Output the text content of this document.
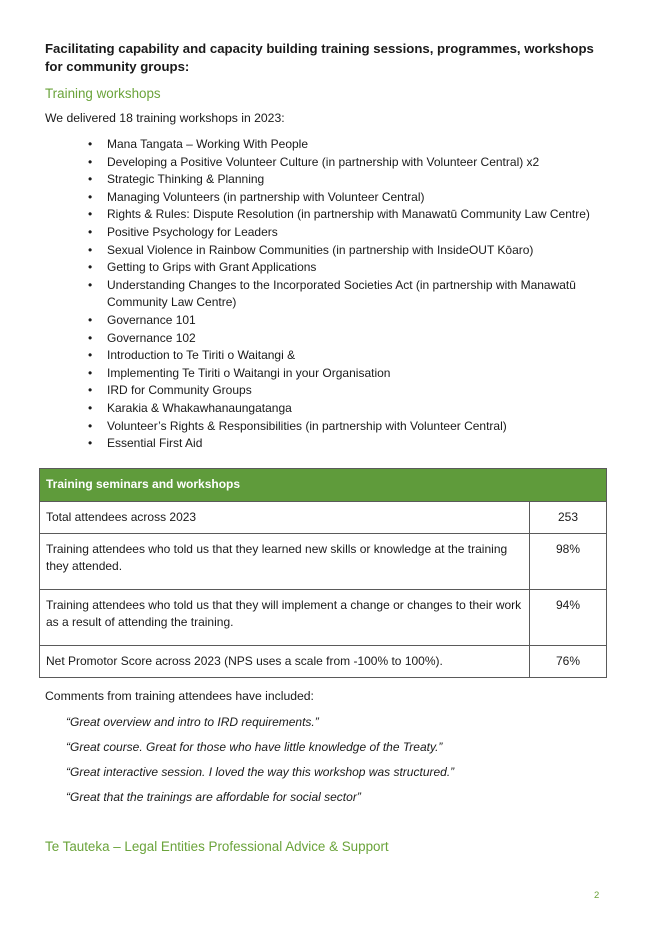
Facilitating capability and capacity building training sessions, programmes, workshops for community groups:

Training workshops

We delivered 18 training workshops in 2023:

• Mana Tangata – Working With People
• Developing a Positive Volunteer Culture (in partnership with Volunteer Central) x2
• Strategic Thinking & Planning
• Managing Volunteers (in partnership with Volunteer Central)
• Rights & Rules: Dispute Resolution (in partnership with Manawatū Community Law Centre)
• Positive Psychology for Leaders
• Sexual Violence in Rainbow Communities (in partnership with InsideOUT Kōaro)
• Getting to Grips with Grant Applications
• Understanding Changes to the Incorporated Societies Act (in partnership with Manawatū Community Law Centre)
• Governance 101
• Governance 102
• Introduction to Te Tiriti o Waitangi &
• Implementing Te Tiriti o Waitangi in your Organisation
• IRD for Community Groups
• Karakia & Whakawhanaungatanga
• Volunteer’s Rights & Responsibilities (in partnership with Volunteer Central)
• Essential First Aid
Training seminars and workshops	
Total attendees across 2023	253
Training attendees who told us that they learned new skills or knowledge at the training they attended.	98%
Training attendees who told us that they will implement a change or changes to their work as a result of attending the training.	94%
Net Promotor Score across 2023 (NPS uses a scale from -100% to 100%).	76%

Comments from training attendees have included:

“Great overview and intro to IRD requirements.”

“Great course. Great for those who have little knowledge of the Treaty.”

“Great interactive session. I loved the way this workshop was structured.”

“Great that the trainings are affordable for social sector”

Te Tauteka – Legal Entities Professional Advice & Support

2
